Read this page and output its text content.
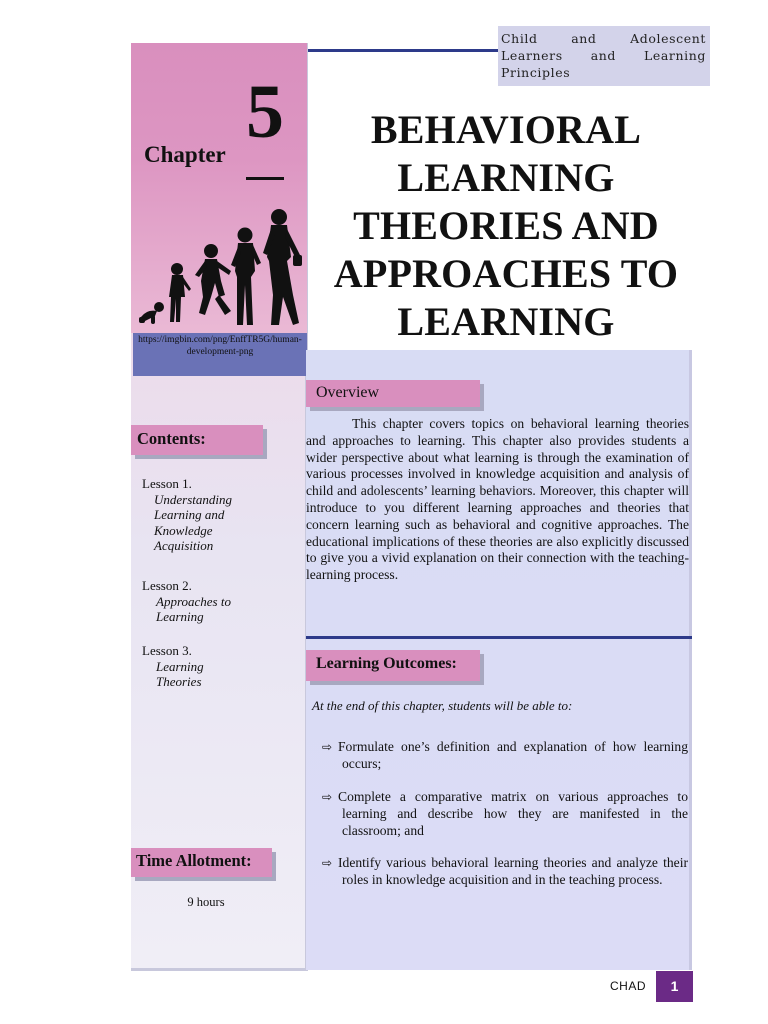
Child and Adolescent Learners and Learning Principles
Chapter
5
https://imgbin.com/png/EnffTR5G/human-development-png
BEHAVIORAL LEARNING THEORIES AND APPROACHES TO LEARNING
Overview
This chapter covers topics on behavioral learning theories and approaches to learning. This chapter also provides students a wider perspective about what learning is through the examination of various processes involved in knowledge acquisition and analysis of child and adolescents’ learning behaviors. Moreover, this chapter will introduce to you different learning approaches and theories that concern learning such as behavioral and cognitive approaches. The educational implications of these theories are also explicitly discussed to give you a vivid explanation on their connection with the teaching-learning process.
Learning Outcomes:
At the end of this chapter, students will be able to:
⇨ Formulate one’s definition and explanation of how learning occurs;
⇨ Complete a comparative matrix on various approaches to learning and describe how they are manifested in the classroom; and
⇨ Identify various behavioral learning theories and analyze their roles in knowledge acquisition and in the teaching process.
Contents:
Lesson 1.
Understanding Learning and Knowledge Acquisition
Lesson 2.
Approaches to Learning
Lesson 3.
Learning Theories
Time Allotment:
9 hours
CHAD	1
